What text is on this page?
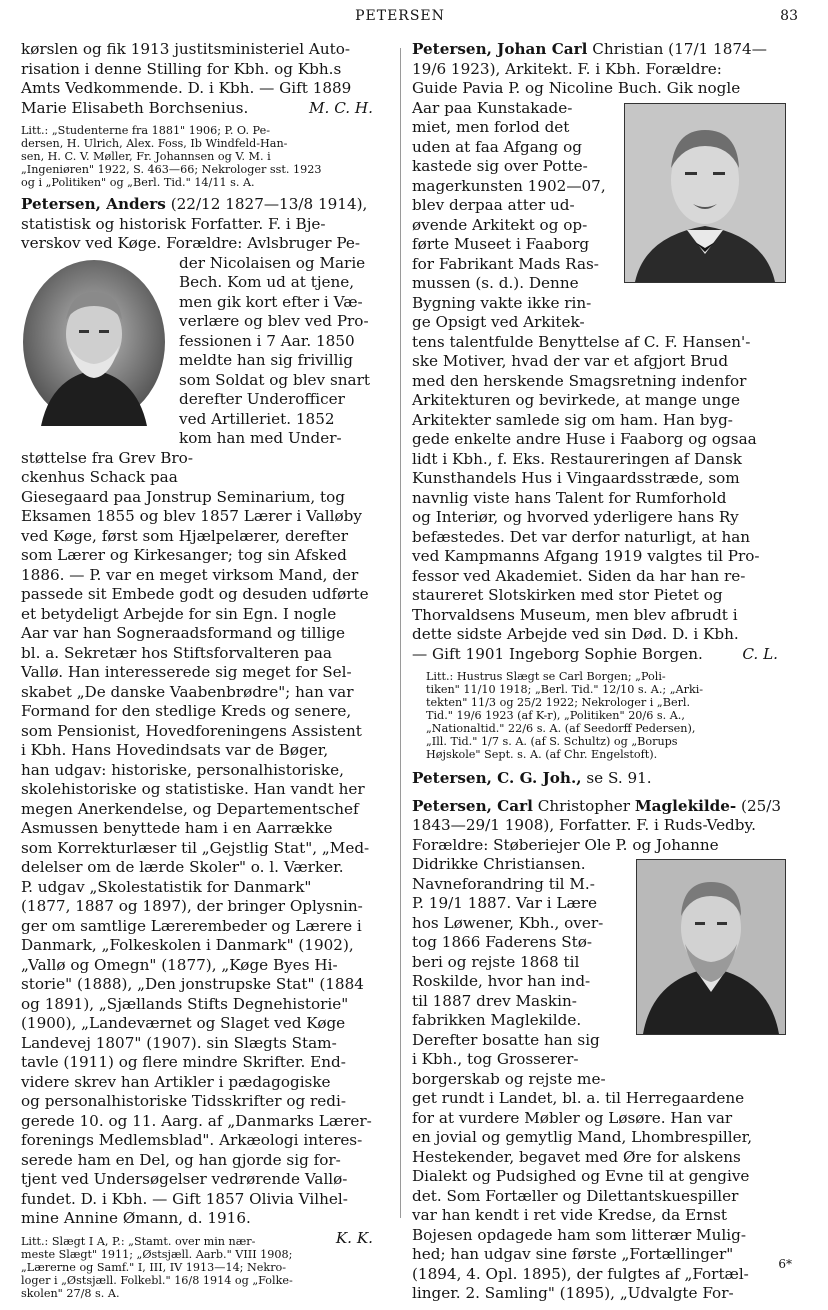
PETERSEN	83
kørslen og fik 1913 justitsministeriel Auto-
risation i denne Stilling for Kbh. og Kbh.s
Amts Vedkommende. D. i Kbh. — Gift 1889
Marie Elisabeth Borchsenius.	M. C. H.
Litt.: „Studenterne fra 1881" 1906; P. O. Pe-
dersen, H. Ulrich, Alex. Foss, Ib Windfeld-Han-
sen, H. C. V. Møller, Fr. Johannsen og V. M. i
„Ingeniøren" 1922, S. 463—66; Nekrologer sst. 1923
og i „Politiken" og „Berl. Tid." 14/11 s. A.
Petersen, Anders (22/12 1827—13/8 1914), statistisk og historisk Forfatter. F. i Bje-
verskov ved Køge. Forældre: Avlsbruger Pe-
der Nicolaisen og Marie
Bech. Kom ud at tjene,
men gik kort efter i Væ-
verlære og blev ved Pro-
fessionen i 7 Aar. 1850
meldte han sig frivillig
som Soldat og blev snart
derefter Underofficer
ved Artilleriet. 1852
kom han med Under-
støttelse fra Grev Bro-
ckenhus Schack paa
Giesegaard paa Jonstrup Seminarium, tog
Eksamen 1855 og blev 1857 Lærer i Valløby
ved Køge, først som Hjælpelærer, derefter
som Lærer og Kirkesanger; tog sin Afsked
1886. — P. var en meget virksom Mand, der
passede sit Embede godt og desuden udførte
et betydeligt Arbejde for sin Egn. I nogle
Aar var han Sogneraadsformand og tillige
bl. a. Sekretær hos Stiftsforvalteren paa
Vallø. Han interesserede sig meget for Sel-
skabet „De danske Vaabenbrødre"; han var
Formand for den stedlige Kreds og senere,
som Pensionist, Hovedforeningens Assistent
i Kbh. Hans Hovedindsats var de Bøger,
han udgav: historiske, personalhistoriske,
skolehistoriske og statistiske. Han vandt her
megen Anerkendelse, og Departementschef
Asmussen benyttede ham i en Aarrække
som Korrekturlæser til „Gejstlig Stat", „Med-
delelser om de lærde Skoler" o. l. Værker.
P. udgav „Skolestatistik for Danmark"
(1877, 1887 og 1897), der bringer Oplysnin-
ger om samtlige Lærerembeder og Lærere i
Danmark, „Folkeskolen i Danmark" (1902),
„Vallø og Omegn" (1877), „Køge Byes Hi-
storie" (1888), „Den jonstrupske Stat" (1884
og 1891), „Sjællands Stifts Degnehistorie"
(1900), „Landeværnet og Slaget ved Køge
Landevej 1807" (1907). sin Slægts Stam-
tavle (1911) og flere mindre Skrifter. End-
videre skrev han Artikler i pædagogiske
og personalhistoriske Tidsskrifter og redi-
gerede 10. og 11. Aarg. af „Danmarks Lærer-
forenings Medlemsblad". Arkæologi interes-
serede ham en Del, og han gjorde sig for-
tjent ved Undersøgelser vedrørende Vallø-
fundet. D. i Kbh. — Gift 1857 Olivia Vilhel-
mine Annine Ømann, d. 1916.
K. K.
Litt.: Slægt I A, P.: „Stamt. over min nær-
meste Slægt" 1911; „Østsjæll. Aarb." VIII 1908;
„Lærerne og Samf." I, III, IV 1913—14; Nekro-
loger i „Østsjæll. Folkebl." 16/8 1914 og „Folke-
skolen" 27/8 s. A.
Petersen, Johan Carl Christian (17/1 1874—
19/6 1923), Arkitekt. F. i Kbh. Forældre:
Guide Pavia P. og Nicoline Buch. Gik nogle
Aar paa Kunstakade-
miet, men forlod det
uden at faa Afgang og
kastede sig over Potte-
magerkunsten 1902—07,
blev derpaa atter ud-
øvende Arkitekt og op-
førte Museet i Faaborg
for Fabrikant Mads Ras-
mussen (s. d.). Denne
Bygning vakte ikke rin-
ge Opsigt ved Arkitek-
tens talentfulde Benyttelse af C. F. Hansen'-
ske Motiver, hvad der var et afgjort Brud
med den herskende Smagsretning indenfor
Arkitekturen og bevirkede, at mange unge
Arkitekter samlede sig om ham. Han byg-
gede enkelte andre Huse i Faaborg og ogsaa
lidt i Kbh., f. Eks. Restaureringen af Dansk
Kunsthandels Hus i Vingaardsstræde, som
navnlig viste hans Talent for Rumforhold
og Interiør, og hvorved yderligere hans Ry
befæstedes. Det var derfor naturligt, at han
ved Kampmanns Afgang 1919 valgtes til Pro-
fessor ved Akademiet. Siden da har han re-
staureret Slotskirken med stor Pietet og
Thorvaldsens Museum, men blev afbrudt i
dette sidste Arbejde ved sin Død. D. i Kbh.
— Gift 1901 Ingeborg Sophie Borgen.	C. L.
Litt.: Hustrus Slægt se Carl Borgen; „Poli-
tiken" 11/10 1918; „Berl. Tid." 12/10 s. A.; „Arki-
tekten" 11/3 og 25/2 1922; Nekrologer i „Berl.
Tid." 19/6 1923 (af K-r), „Politiken" 20/6 s. A.,
„Nationaltid." 22/6 s. A. (af Seedorff Pedersen),
„Ill. Tid." 1/7 s. A. (af S. Schultz) og „Borups
Højskole" Sept. s. A. (af Chr. Engelstoft).
Petersen, C. G. Joh., se S. 91.
Petersen, Carl Christopher Maglekilde- (25/3
1843—29/1 1908), Forfatter. F. i Ruds-Vedby.
Forældre: Støberiejer Ole P. og Johanne
Didrikke Christiansen.
Navneforandring til M.-
P. 19/1 1887. Var i Lære
hos Løwener, Kbh., over-
tog 1866 Faderens Stø-
beri og rejste 1868 til
Roskilde, hvor han ind-
til 1887 drev Maskin-
fabrikken Maglekilde.
Derefter bosatte han sig
i Kbh., tog Grosserer-
borgerskab og rejste me-
get rundt i Landet, bl. a. til Herregaardene
for at vurdere Møbler og Løsøre. Han var
en jovial og gemytlig Mand, Lhombrespiller,
Hestekender, begavet med Øre for alskens
Dialekt og Pudsighed og Evne til at gengive
det. Som Fortæller og Dilettantskuespiller
var han kendt i ret vide Kredse, da Ernst
Bojesen opdagede ham som litterær Mulig-
hed; han udgav sine første „Fortællinger"
(1894, 4. Opl. 1895), der fulgtes af „Fortæl-
linger. 2. Samling" (1895), „Udvalgte For-
6*
